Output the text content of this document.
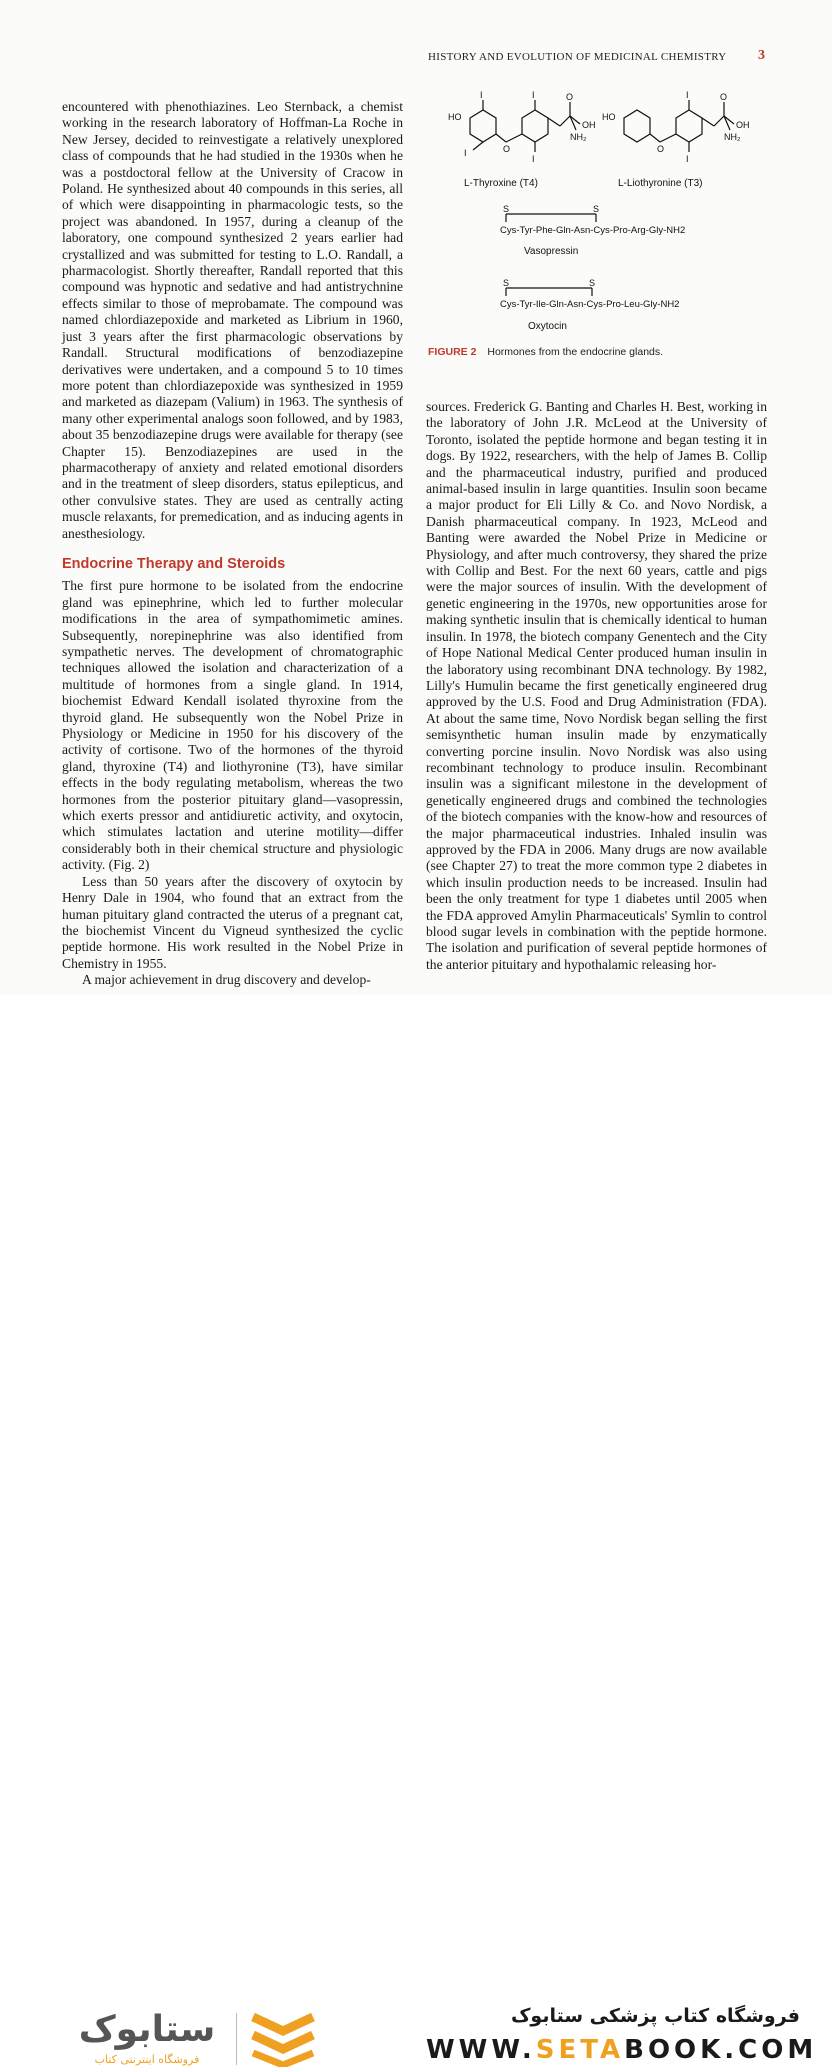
HISTORY AND EVOLUTION OF MEDICINAL CHEMISTRY 3

encountered with phenothiazines. Leo Sternback, a chemist working in the research laboratory of Hoffman-La Roche in New Jersey, decided to reinvestigate a relatively unexplored class of compounds that he had studied in the 1930s when he was a postdoctoral fellow at the University of Cracow in Poland. He synthesized about 40 compounds in this series, all of which were disappointing in pharmacologic tests, so the project was abandoned. In 1957, during a cleanup of the laboratory, one compound synthesized 2 years earlier had crystallized and was submitted for testing to L.O. Randall, a pharmacologist. Shortly thereafter, Randall reported that this compound was hypnotic and sedative and had antistrychnine effects similar to those of meprobamate. The compound was named chlordiazepoxide and marketed as Librium in 1960, just 3 years after the first pharmacologic observations by Randall. Structural modifications of benzodiazepine derivatives were undertaken, and a compound 5 to 10 times more potent than chlordiazepoxide was synthesized in 1959 and marketed as diazepam (Valium) in 1963. The synthesis of many other experimental analogs soon followed, and by 1983, about 35 benzodiazepine drugs were available for therapy (see Chapter 15). Benzodiazepines are used in the pharmacotherapy of anxiety and related emotional disorders and in the treatment of sleep disorders, status epilepticus, and other convulsive states. They are used as centrally acting muscle relaxants, for premedication, and as inducing agents in anesthesiology.

Endocrine Therapy and Steroids

The first pure hormone to be isolated from the endocrine gland was epinephrine, which led to further molecular modifications in the area of sympathomimetic amines. Subsequently, norepinephrine was also identified from sympathetic nerves. The development of chromatographic techniques allowed the isolation and characterization of a multitude of hormones from a single gland. In 1914, biochemist Edward Kendall isolated thyroxine from the thyroid gland. He subsequently won the Nobel Prize in Physiology or Medicine in 1950 for his discovery of the activity of cortisone. Two of the hormones of the thyroid gland, thyroxine (T4) and liothyronine (T3), have similar effects in the body regulating metabolism, whereas the two hormones from the posterior pituitary gland—vasopressin, which exerts pressor and antidiuretic activity, and oxytocin, which stimulates lactation and uterine motility—differ considerably both in their chemical structure and physiologic activity. (Fig. 2)

Less than 50 years after the discovery of oxytocin by Henry Dale in 1904, who found that an extract from the human pituitary gland contracted the uterus of a pregnant cat, the biochemist Vincent du Vigneud synthesized the cyclic peptide hormone. His work resulted in the Nobel Prize in Chemistry in 1955.

A major achievement in drug discovery and develop-

HO
I
I	O
I
I
O
OH
NH₂
HO
I
O
I
O
OH
NH₂
S	S
S	S
L-Thyroxine (T4)	L-Liothyronine (T3)
Cys-Tyr-Phe-Gln-Asn-Cys-Pro-Arg-Gly-NH2
Vasopressin
Cys-Tyr-Ile-Gln-Asn-Cys-Pro-Leu-Gly-NH2
Oxytocin
FIGURE 2 Hormones from the endocrine glands.

sources. Frederick G. Banting and Charles H. Best, working in the laboratory of John J.R. McLeod at the University of Toronto, isolated the peptide hormone and began testing it in dogs. By 1922, researchers, with the help of James B. Collip and the pharmaceutical industry, purified and produced animal-based insulin in large quantities. Insulin soon became a major product for Eli Lilly & Co. and Novo Nordisk, a Danish pharmaceutical company. In 1923, McLeod and Banting were awarded the Nobel Prize in Medicine or Physiology, and after much controversy, they shared the prize with Collip and Best. For the next 60 years, cattle and pigs were the major sources of insulin. With the development of genetic engineering in the 1970s, new opportunities arose for making synthetic insulin that is chemically identical to human insulin. In 1978, the biotech company Genentech and the City of Hope National Medical Center produced human insulin in the laboratory using recombinant DNA technology. By 1982, Lilly's Humulin became the first genetically engineered drug approved by the U.S. Food and Drug Administration (FDA). At about the same time, Novo Nordisk began selling the first semisynthetic human insulin made by enzymatically converting porcine insulin. Novo Nordisk was also using recombinant technology to produce insulin. Recombinant insulin was a significant milestone in the development of genetically engineered drugs and combined the technologies of the biotech companies with the know-how and resources of the major pharmaceutical industries. Inhaled insulin was approved by the FDA in 2006. Many drugs are now available (see Chapter 27) to treat the more common type 2 diabetes in which insulin production needs to be increased. Insulin had been the only treatment for type 1 diabetes until 2005 when the FDA approved Amylin Pharmaceuticals' Symlin to control blood sugar levels in combination with the peptide hormone. The isolation and purification of several peptide hormones of the anterior pituitary and hypothalamic releasing hor-

ستابوک
فروشگاه اینترنتی کتاب
فروشگاه کتاب پزشکی ستابوک
WWW.SETABOOK.COM
